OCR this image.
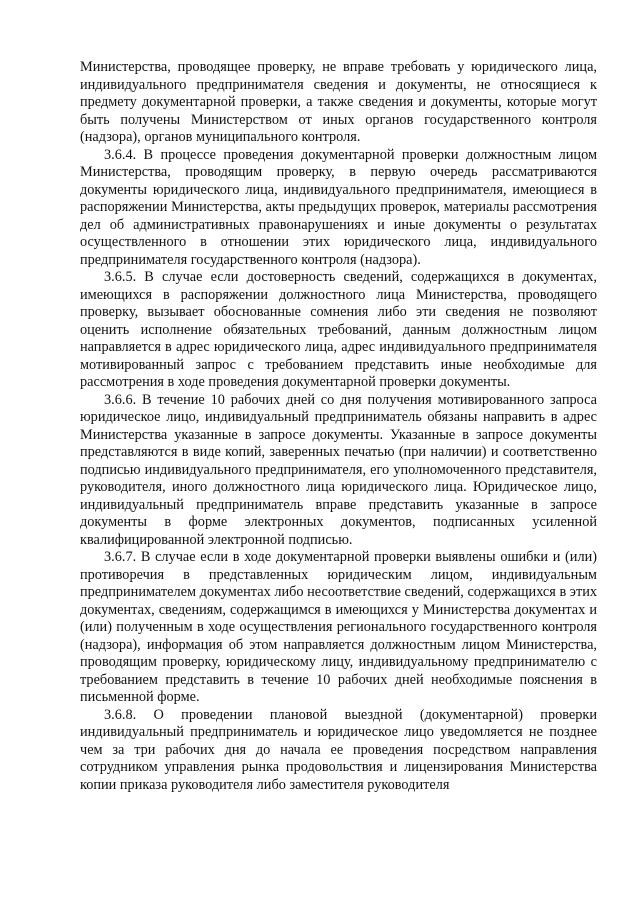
Министерства, проводящее проверку, не вправе требовать у юридического лица, индивидуального предпринимателя сведения и документы, не относящиеся к предмету документарной проверки, а также сведения и документы, которые могут быть получены Министерством от иных органов государственного контроля (надзора), органов муниципального контроля.

3.6.4. В процессе проведения документарной проверки должностным лицом Министерства, проводящим проверку, в первую очередь рассматриваются документы юридического лица, индивидуального предпринимателя, имеющиеся в распоряжении Министерства, акты предыдущих проверок, материалы рассмотрения дел об административных правонарушениях и иные документы о результатах осуществленного в отношении этих юридического лица, индивидуального предпринимателя государственного контроля (надзора).

3.6.5. В случае если достоверность сведений, содержащихся в документах, имеющихся в распоряжении должностного лица Министерства, проводящего проверку, вызывает обоснованные сомнения либо эти сведения не позволяют оценить исполнение обязательных требований, данным должностным лицом направляется в адрес юридического лица, адрес индивидуального предпринимателя мотивированный запрос с требованием представить иные необходимые для рассмотрения в ходе проведения документарной проверки документы.

3.6.6. В течение 10 рабочих дней со дня получения мотивированного запроса юридическое лицо, индивидуальный предприниматель обязаны направить в адрес Министерства указанные в запросе документы. Указанные в запросе документы представляются в виде копий, заверенных печатью (при наличии) и соответственно подписью индивидуального предпринимателя, его уполномоченного представителя, руководителя, иного должностного лица юридического лица. Юридическое лицо, индивидуальный предприниматель вправе представить указанные в запросе документы в форме электронных документов, подписанных усиленной квалифицированной электронной подписью.

3.6.7. В случае если в ходе документарной проверки выявлены ошибки и (или) противоречия в представленных юридическим лицом, индивидуальным предпринимателем документах либо несоответствие сведений, содержащихся в этих документах, сведениям, содержащимся в имеющихся у Министерства документах и (или) полученным в ходе осуществления регионального государственного контроля (надзора), информация об этом направляется должностным лицом Министерства, проводящим проверку, юридическому лицу, индивидуальному предпринимателю с требованием представить в течение 10 рабочих дней необходимые пояснения в письменной форме.

3.6.8. О проведении плановой выездной (документарной) проверки индивидуальный предприниматель и юридическое лицо уведомляется не позднее чем за три рабочих дня до начала ее проведения посредством направления сотрудником управления рынка продовольствия и лицензирования Министерства копии приказа руководителя либо заместителя руководителя
